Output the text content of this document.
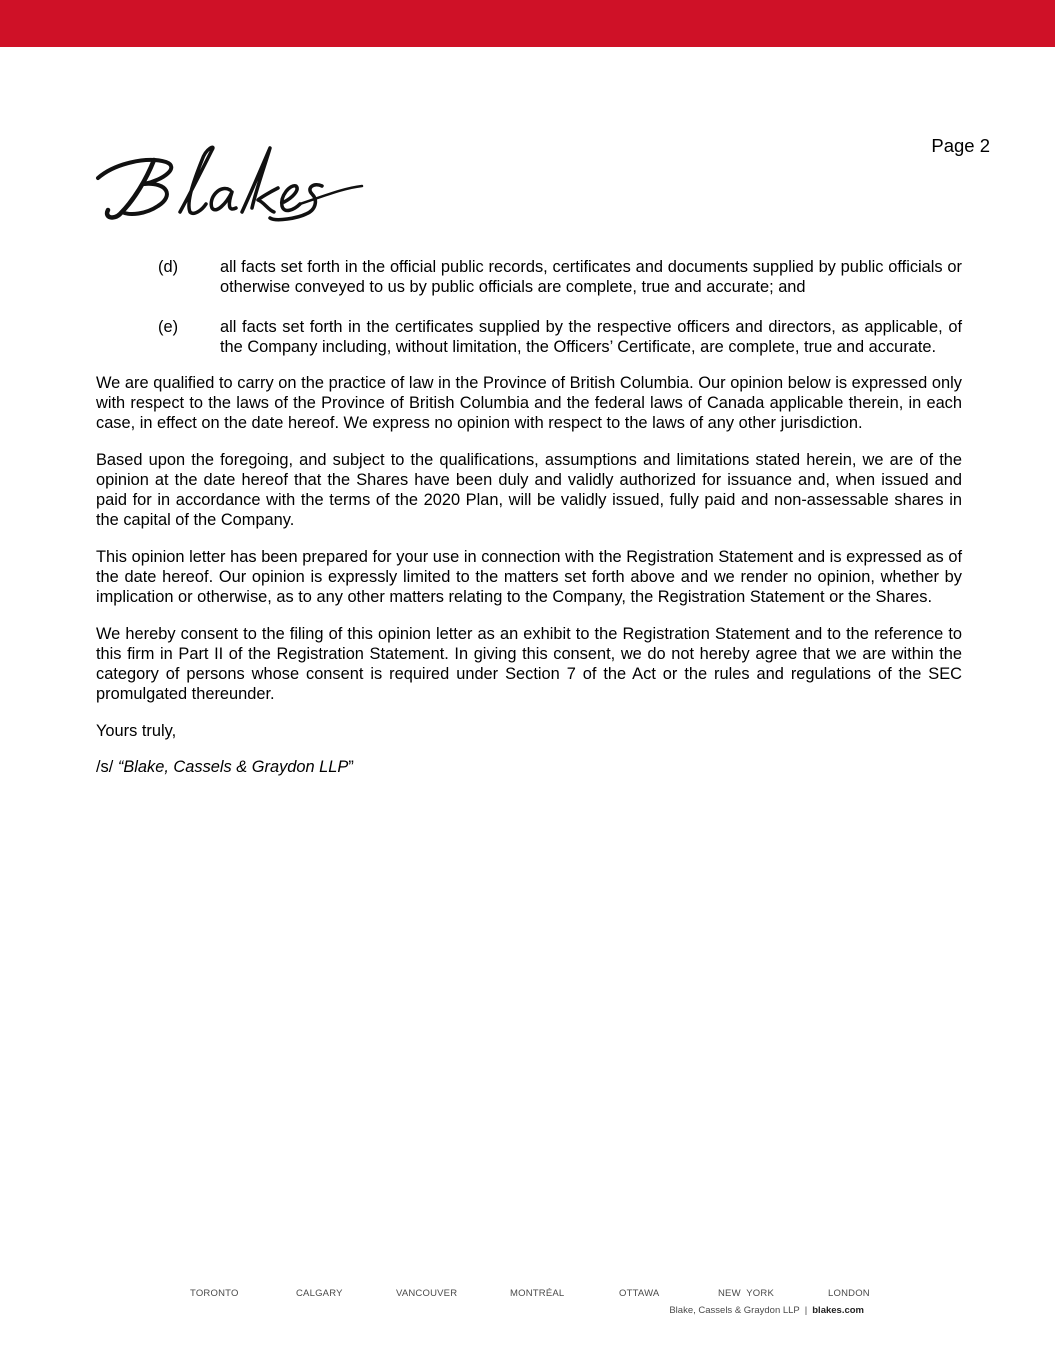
Page 2
(d)	all facts set forth in the official public records, certificates and documents supplied by public officials or otherwise conveyed to us by public officials are complete, true and accurate; and
(e)	all facts set forth in the certificates supplied by the respective officers and directors, as applicable, of the Company including, without limitation, the Officers’ Certificate, are complete, true and accurate.

We are qualified to carry on the practice of law in the Province of British Columbia. Our opinion below is expressed only with respect to the laws of the Province of British Columbia and the federal laws of Canada applicable therein, in each case, in effect on the date hereof. We express no opinion with respect to the laws of any other jurisdiction.

Based upon the foregoing, and subject to the qualifications, assumptions and limitations stated herein, we are of the opinion at the date hereof that the Shares have been duly and validly authorized for issuance and, when issued and paid for in accordance with the terms of the 2020 Plan, will be validly issued, fully paid and non-assessable shares in the capital of the Company.

This opinion letter has been prepared for your use in connection with the Registration Statement and is expressed as of the date hereof. Our opinion is expressly limited to the matters set forth above and we render no opinion, whether by implication or otherwise, as to any other matters relating to the Company, the Registration Statement or the Shares.

We hereby consent to the filing of this opinion letter as an exhibit to the Registration Statement and to the reference to this firm in Part II of the Registration Statement. In giving this consent, we do not hereby agree that we are within the category of persons whose consent is required under Section 7 of the Act or the rules and regulations of the SEC promulgated thereunder.

Yours truly,

/s/ “Blake, Cassels & Graydon LLP”

TORONTO	CALGARY	VANCOUVER	MONTRÉAL	OTTAWA	NEW  YORK	LONDON
Blake, Cassels & Graydon LLP | blakes.com
